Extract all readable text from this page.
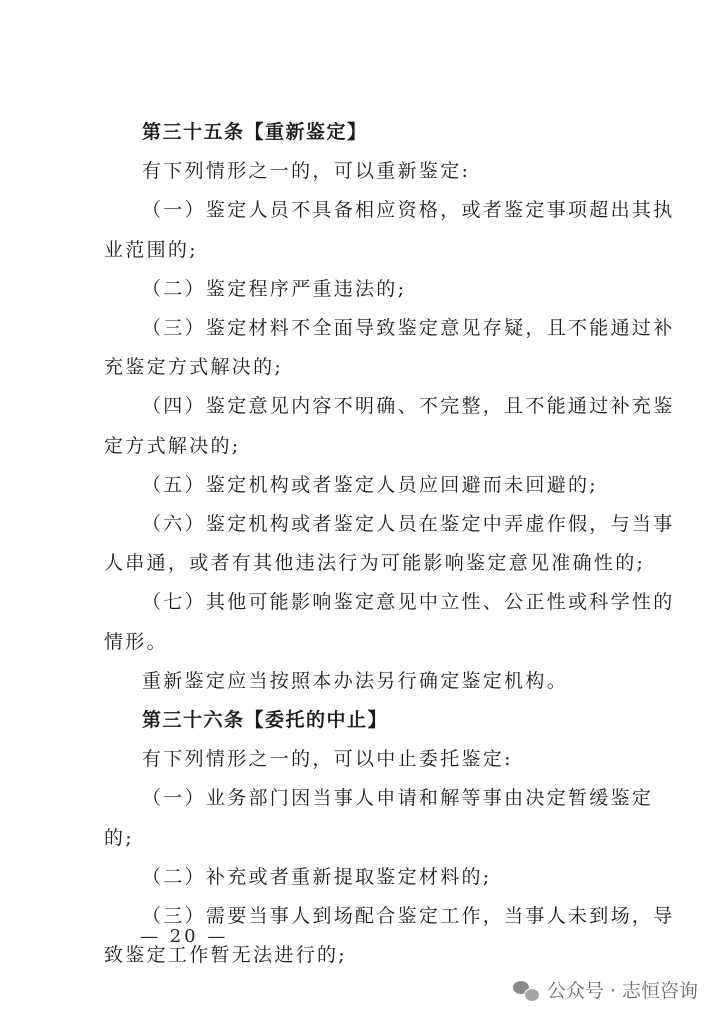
第三十五条【重新鉴定】

有下列情形之一的，可以重新鉴定:

（一）鉴定人员不具备相应资格，或者鉴定事项超出其执

业范围的;

（二）鉴定程序严重违法的;

（三）鉴定材料不全面导致鉴定意见存疑，且不能通过补

充鉴定方式解决的;

（四）鉴定意见内容不明确、不完整，且不能通过补充鉴

定方式解决的;

（五）鉴定机构或者鉴定人员应回避而未回避的;

（六）鉴定机构或者鉴定人员在鉴定中弄虚作假，与当事

人串通，或者有其他违法行为可能影响鉴定意见准确性的;

（七）其他可能影响鉴定意见中立性、公正性或科学性的

情形。

重新鉴定应当按照本办法另行确定鉴定机构。

第三十六条【委托的中止】

有下列情形之一的，可以中止委托鉴定:

（一）业务部门因当事人申请和解等事由决定暂缓鉴定

的;

（二）补充或者重新提取鉴定材料的;

（三）需要当事人到场配合鉴定工作，当事人未到场，导

致鉴定工作暂无法进行的;

— 20 —
公众号 · 志恒咨询
